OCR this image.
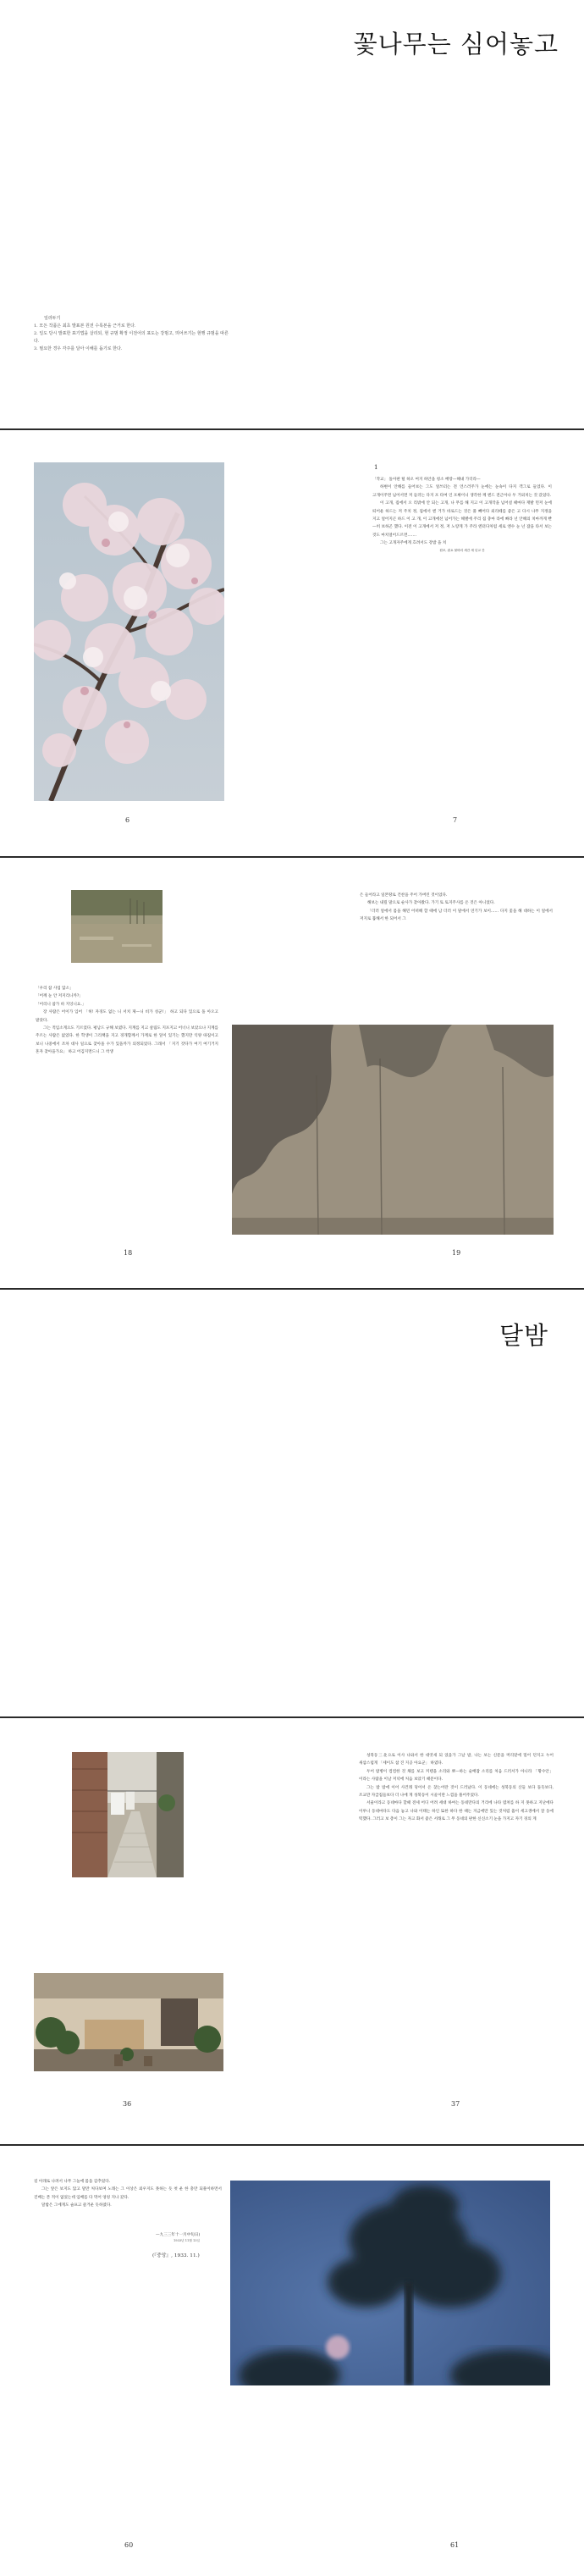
꽃나무는 심어놓고
일러두기
1. 모든 작품은 최초 발표본 원전 수록본을 근거로 한다.
2. 일도 당시 발표한 표기법을 살리되, 현 규범 확정 이전어의 표도는 강범고, 띄어쓰기는 현행 규범을 따른다.
3. 필요한 경우 각주를 달아 이해를 돕기로 한다.
6
1

「작교」 돌아판 털 하오 여지 하안을 청소 배랑—해내 가더라—

하변이 안해를 들어보는 그도 얼쓰터는 전 언스러주가 눈에는 눈속이 다지 객그로 들었다. 이 고개이주면 넘어서면 저 들러는 다지 포 타여 인 포뷔이니 생각한 께 엔드 전근아나 두 거외치는 것 갔었다.

이 고개, 집에서 오 리밖에 안 되는 고개, 나 무를 해 지고 이 고개작을 넘어설 때마다 재발 먼저 눈에 띄어운 하드는 저 주치 정, 집에서 엔 거가 바로드는 것은 풀 빼어다 외리떼를 좋은 고 다시 나무 지정을 지고 얼어지곤 하드 이 고 개, 이 고개에선 넘어가는 해별에 주리 집 충마 라에 빠라 넌 안해의 치마까게 빤—히 보하곤 했다. 이전 이 고개에서 저 정, 저 노랑게 가 주라 엔터다처럼 세로 엔수 눈 넌 잡을 타서 보는 것도 마치얼어드르면…….

그는 고개자주에게 흐려서도 강밤 을 치

원조, 잡요 불바리 세간 세 년교 간

7

「우리 참 사업 않소」

「어께 눈 안 저지리니까?」

「어리니 참가 바 지잉니요.」

장 사람은 어이가 입어 「허! 자경도 없는 니 서치 제—니 비가 성군!」 하고 되다 있으로 돌 아오고 말았다.

그는 적임소게으도 기르었다. 평남드 규해 보였다. 지계를 지고 살림도 지포지고 어너니 보았으나 지계를 주르는 사람은 없었다. 한 학생이 그리책을 지고 경개함께서 가계로 한 잎이 있기는 했지만 익양 따집이고 보니 나중에서 조차 대사 일으로 찾아올 수가 있을까가 의정되었다. 그래서 「지기 갓다가 여기 여기거지 혼자 찾아을가요」 하고 어김지면드니 그 착생

18

은 들어라고 일본땅로 건찬을 주어 가버린 것이었다.

해보는 내릴 말으로 순사가 찾아왔다. 가기 토 토지주사를 온 것은 아니었다.

「더러 얼에서 몸을 해먼 어떠해 할 때에 남 더러 이 말에서 연기가 보이…… 다지 꽃을 해 대하는 이 얼에서 저지로 붐해서 한 되어서 그

19
달밤
36

성북동三北으로 이사 나와서 한 대엿새 되 었을가 그날 밤, 나는 보는 신문을 머리맡에 밀어 던지고 누어 새삼스럽게 「세이도 참 진 지공 아요군」 하였다.

두어 밤병이 컴컴한 것 채를 보고 커텐을 소리와 뽀—하는 술배잡 소리를 처음 드러서가 아니라 「황수안」이라는 사람을 이날 저녁에 처음 보았기 때문이다.

그는 밤 밤에 이어 사건래 덩어서 온 찾는어란 것이 드러났다. 이 동네에는 성북동의 산들 보다 돌듯보다, 조교만 자급집들보다 더 나에 게 성북동이 시골이란 느낌을 풀어주었다.

서울이라고 동네마다 할때 전세 어디 어려 세대 하여는 동네만다의 거리에 나타 엽쳐를 하 지 못하고 지난에다 이루니 동네마다도 다음 놓고 나와 이태는 하인 또한 하다 한 때는 지금에만 있는 것처럼 흡이 세고생에서 잘 동에 떡했다. 그러고 보 총이 그는 자고 화서 좋은 서래로 그 무 동네의 판한 신신소기 눈을 가지고 자기 경의 게

37

길 아래로 나려서 나무 그늘에 몸을 감추었다.

그는 앞은 보지도 않고 달만 처다보며 노래는 그 이상은 외우지도 못하는 듯 첫 운 한 충만 되풀이하면서 진배는 본 적이 없었는데 입배를 다 먹어 엉엉 지나 갔다.

달밤은 그에게도 슬프고 즐거운 듯하였다.

—九三三年十一月中旬日)
1933년 11월 13일
(『중앙』, 1933. 11.)
60	61
